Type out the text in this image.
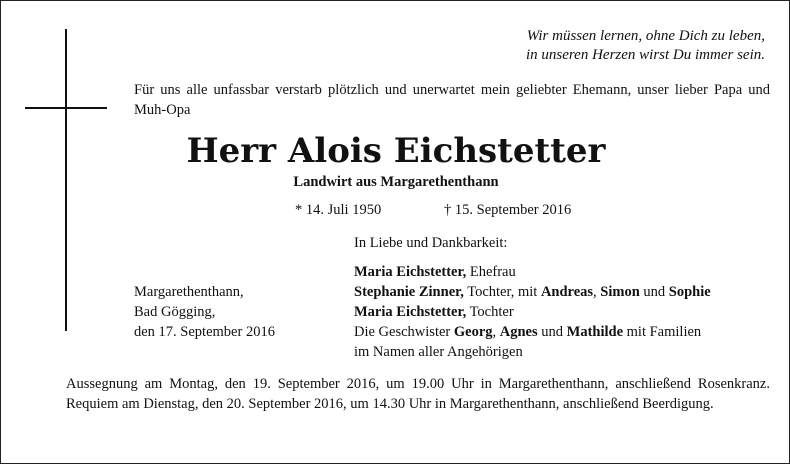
Wir müssen lernen, ohne Dich zu leben,
in unseren Herzen wirst Du immer sein.
Für uns alle unfassbar verstarb plötzlich und unerwartet mein geliebter Ehemann, unser lieber Papa und Muh-Opa
Herr Alois Eichstetter
Landwirt aus Margarethenthann
* 14. Juli 1950	† 15. September 2016
In Liebe und Dankbarkeit:
Margarethenthann,
Bad Gögging,
den 17. September 2016
Maria Eichstetter, Ehefrau
Stephanie Zinner, Tochter, mit Andreas, Simon und Sophie
Maria Eichstetter, Tochter
Die Geschwister Georg, Agnes und Mathilde mit Familien
im Namen aller Angehörigen
Aussegnung am Montag, den 19. September 2016, um 19.00 Uhr in Margarethenthann, anschließend Rosenkranz. Requiem am Dienstag, den 20. September 2016, um 14.30 Uhr in Margarethenthann, anschließend Beerdigung.
